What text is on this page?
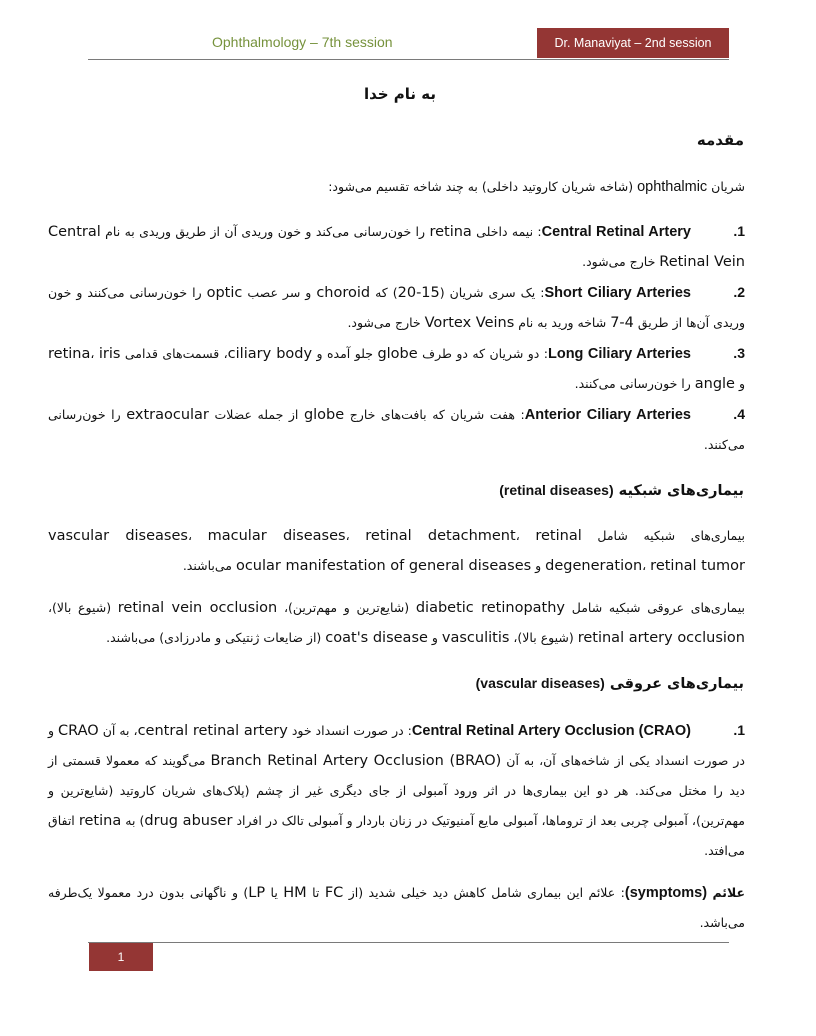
Ophthalmology – 7th session	Dr. Manaviyat – 2nd session
به نام خدا
مقدمه
شریان ophthalmic (شاخه شریان کاروتید داخلی) به چند شاخه تقسیم می‌شود:
1.Central Retinal Artery: نیمه داخلی retina را خون‌رسانی می‌کند و خون وریدی آن از طریق وریدی به نام Central Retinal Vein خارج می‌شود.
2.Short Ciliary Arteries: یک سری شریان (15-20) که choroid و سر عصب optic را خون‌رسانی می‌کنند و خون وریدی آن‌ها از طریق 4-7 شاخه ورید به نام Vortex Veins خارج می‌شود.
3.Long Ciliary Arteries: دو شریان که دو طرف globe جلو آمده و ciliary body، قسمت‌های قدامی retina، iris و angle را خون‌رسانی می‌کنند.
4.Anterior Ciliary Arteries: هفت شریان که بافت‌های خارج globe از جمله عضلات extraocular را خون‌رسانی می‌کنند.
بیماری‌های شبکیه (retinal diseases)
بیماری‌های شبکیه شامل vascular diseases، macular diseases، retinal detachment، retinal degeneration، retinal tumor و ocular manifestation of general diseases می‌باشند.
بیماری‌های عروقی شبکیه شامل diabetic retinopathy (شایع‌ترین و مهم‌ترین)، retinal vein occlusion (شیوع بالا)، retinal artery occlusion (شیوع بالا)، vasculitis و coat's disease (از ضایعات ژنتیکی و مادرزادی) می‌باشند.
بیماری‌های عروقی (vascular diseases)
1.Central Retinal Artery Occlusion (CRAO): در صورت انسداد خود central retinal artery، به آن CRAO و در صورت انسداد یکی از شاخه‌های آن، به آن Branch Retinal Artery Occlusion (BRAO) می‌گویند که معمولا قسمتی از دید را مختل می‌کند. هر دو این بیماری‌ها در اثر ورود آمبولی از جای دیگری غیر از چشم (پلاک‌های شریان کاروتید (شایع‌ترین و مهم‌ترین)، آمبولی چربی بعد از تروماها، آمبولی مایع آمنیوتیک در زنان باردار و آمبولی تالک در افراد drug abuser) به retina اتفاق می‌افتد.
علائم (symptoms): علائم این بیماری شامل کاهش دید خیلی شدید (از FC تا HM یا LP) و ناگهانی بدون درد معمولا یک‌طرفه می‌باشد.
1
